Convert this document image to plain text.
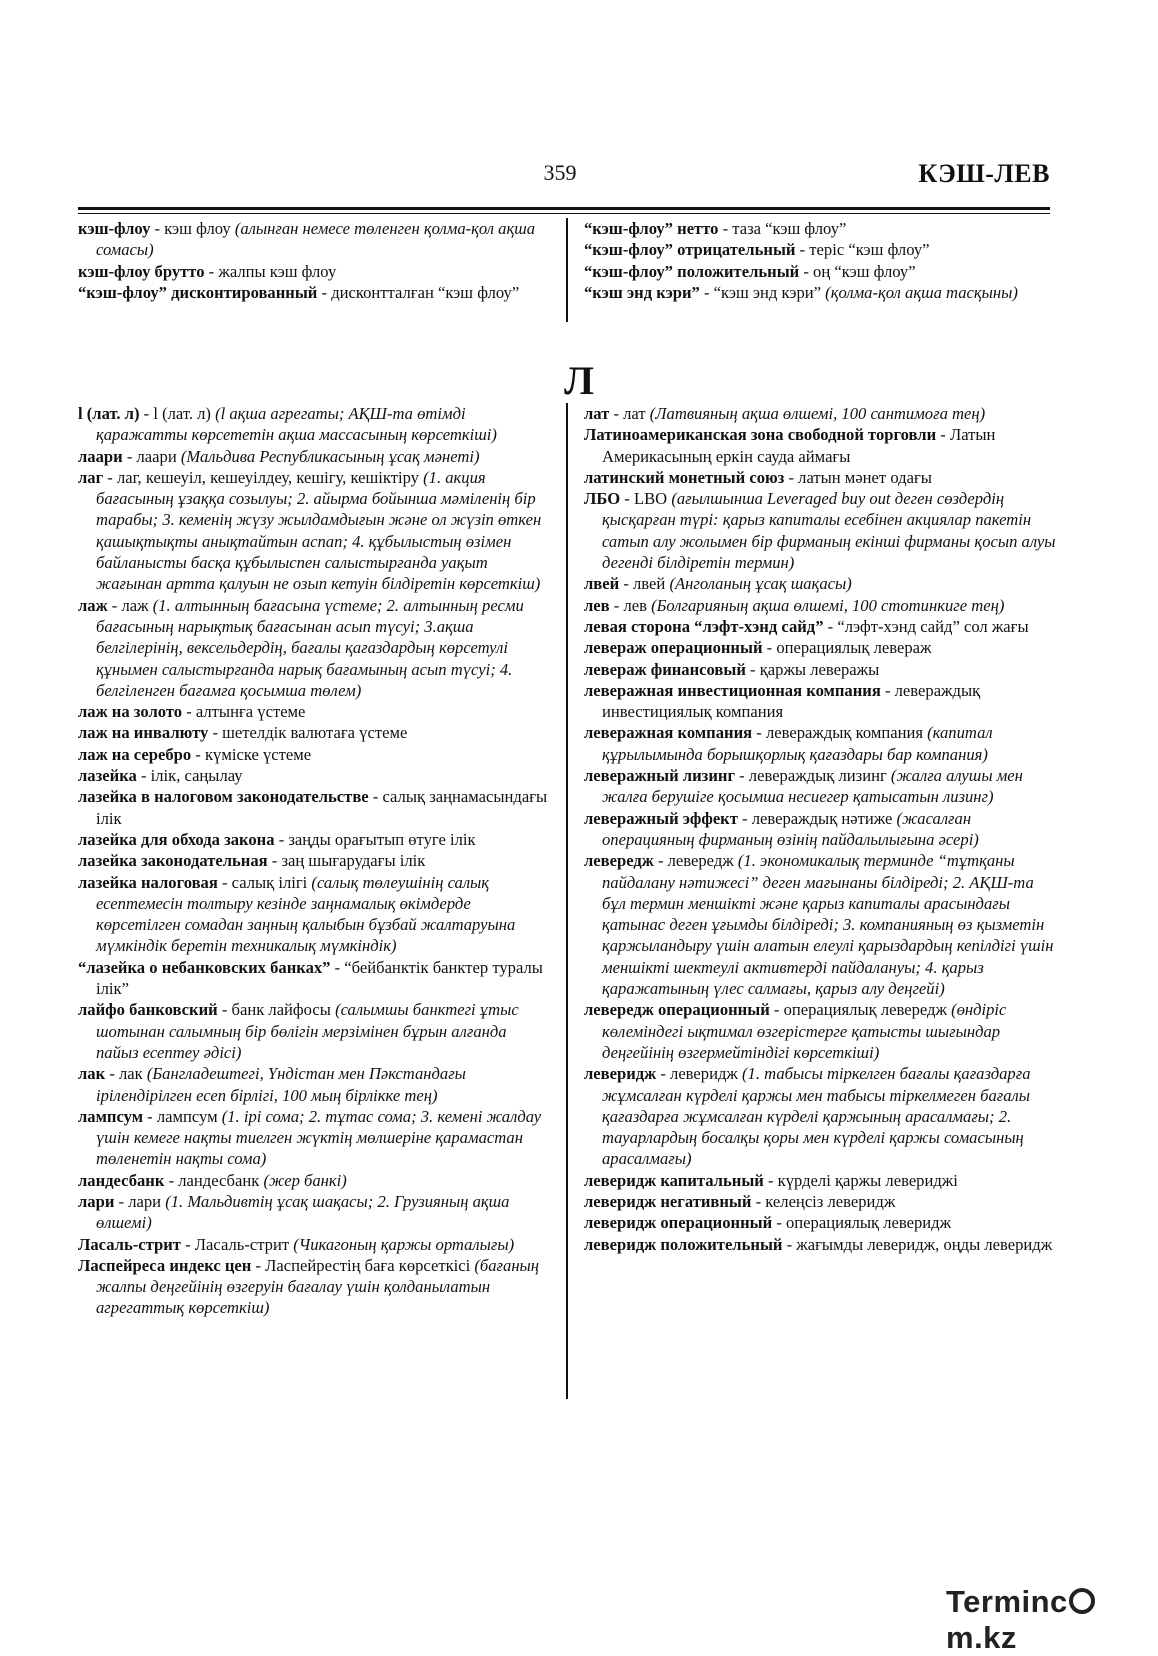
359	КЭШ-ЛЕВ

кэш-флоу - кэш флоу (алынған немесе төленген қолма-қол ақша сомасы)

кэш-флоу брутто - жалпы кэш флоу

“кэш-флоу” дисконтированный - дисконтталған “кэш флоу”

“кэш-флоу” нетто - таза “кэш флоу”

“кэш-флоу” отрицательный - теріс “кэш флоу”

“кэш-флоу” положительный - оң “кэш флоу”

“кэш энд кэри” - “кэш энд кэри” (қолма-қол ақша тасқыны)

Л

l (лат. л) - l (лат. л) (l ақша агрегаты; АҚШ-та өтімді қаражатты көрсететін ақша массасының көрсеткіші)

лаари - лаари (Мальдива Республикасының ұсақ мәнеті)

лаг - лаг, кешеуіл, кешеуілдеу, кешігу, кешіктіру (1. акция бағасының ұзаққа созылуы; 2. айырма бойынша мәміленің бір тарабы; 3. кеменің жүзу жылдамдығын және ол жүзіп өткен қашықтықты анықтайтын аспап; 4. құбылыстың өзімен байланысты басқа құбылыспен салыстырғанда уақыт жағынан артта қалуын не озып кетуін білдіретін көрсеткіш)

лаж - лаж (1. алтынның бағасына үстеме; 2. алтынның ресми бағасының нарықтық бағасынан асып түсуі; 3.ақша белгілерінің, вексельдердің, бағалы қағаздардың көрсетулі құнымен салыстырғанда нарық бағамының асып түсуі; 4. белгіленген бағамға қосымша төлем)

лаж на золото - алтынға үстеме

лаж на инвалюту - шетелдік валютаға үстеме

лаж на серебро - күміске үстеме

лазейка - ілік, саңылау

лазейка в налоговом законодательстве - салық заңнамасындағы ілік

лазейка для обхода закона - заңды орағытып өтуге ілік

лазейка законодательная - заң шығарудағы ілік

лазейка налоговая - салық ілігі (салық төлеушінің салық есептемесін толтыру кезінде заңнамалық өкімдерде көрсетілген сомадан заңның қалыбын бұзбай жалтаруына мүмкіндік беретін техникалық мүмкіндік)

“лазейка о небанковских банках” - “бейбанктік банктер туралы ілік”

лайфо банковский - банк лайфосы (салымшы банктегі ұтыс шотынан салымның бір бөлігін мерзімінен бұрын алғанда пайыз есептеу әдісі)

лак - лак (Бангладештегі, Үндістан мен Пәкстандағы ірілендірілген есеп бірлігі, 100 мың бірлікке тең)

лампсум - лампсум (1. ірі сома; 2. тұтас сома; 3. кемені жалдау үшін кемеге нақты тиелген жүктің мөлшеріне қарамастан төленетін нақты сома)

ландесбанк - ландесбанк (жер банкі)

лари - лари (1. Мальдивтің ұсақ шақасы; 2. Грузияның ақша өлшемі)

Ласаль-стрит - Ласаль-стрит (Чикагоның қаржы орталығы)

Ласпейреса индекс цен - Ласпейрестің баға көрсеткісі (бағаның жалпы деңгейінің өзгеруін бағалау үшін қолданылатын агрегаттық көрсеткіш)

лат - лат (Латвияның ақша өлшемі, 100 сантимоға тең)

Латиноамериканская зона свободной торговли - Латын Америкасының еркін сауда аймағы

латинский монетный союз - латын мәнет одағы

ЛБО - LBO (ағылшынша Leveraged buy out деген сөздердің қысқарған түрі: қарыз капиталы есебінен акциялар пакетін сатып алу жолымен бір фирманың екінші фирманы қосып алуы дегенді білдіретін термин)

лвей - лвей (Анголаның ұсақ шақасы)

лев - лев (Болгарияның ақша өлшемі, 100 стотинкиге тең)

левая сторона “лэфт-хэнд сайд” - “лэфт-хэнд сайд” сол жағы

левераж операционный - операциялық левераж

левераж финансовый - қаржы леверажы

леверажная инвестиционная компания - левераждық инвестициялық компания

леверажная компания - левераждық компания (капитал құрылымында борышқорлық қағаздары бар компания)

леверажный лизинг - левераждық лизинг (жалға алушы мен жалға берушіге қосымша несиегер қатысатын лизинг)

леверажный эффект - левераждық нәтиже (жасалған операцияның фирманың өзінің пайдалылығына әсері)

левередж - левередж (1. экономикалық терминде “тұтқаны пайдалану нәтижесі” деген мағынаны білдіреді; 2. АҚШ-та бұл термин меншікті және қарыз капиталы арасындағы қатынас деген ұғымды білдіреді; 3. компанияның өз қызметін қаржыландыру үшін алатын елеулі қарыздардың кепілдігі үшін меншікті шектеулі активтерді пайдалануы; 4. қарыз қаражатының үлес салмағы, қарыз алу деңгейі)

левередж операционный - операциялық левередж (өндіріс көлеміндегі ықтимал өзгерістерге қатысты шығындар деңгейінің өзгермейтіндігі көрсеткіші)

леверидж - леверидж (1. табысы тіркелген бағалы қағаздарға жұмсалған күрделі қаржы мен табысы тіркелмеген бағалы қағаздарға жұмсалған күрделі қаржының арасалмағы; 2. тауарлардың босалқы қоры мен күрделі қаржы сомасының арасалмағы)

леверидж капитальный - күрделі қаржы левериджі

леверидж негативный - келеңсіз леверидж

леверидж операционный - операциялық леверидж

леверидж положительный - жағымды леверидж, оңды леверидж

Termincm.kz
